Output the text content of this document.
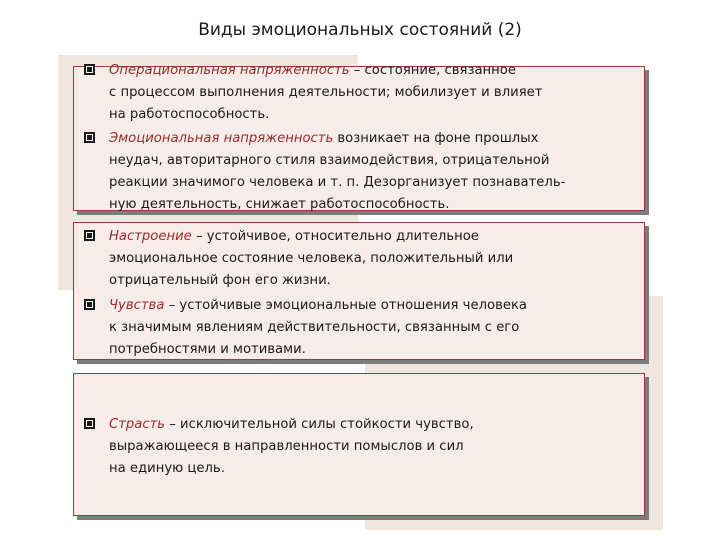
Виды эмоциональных состояний (2)
Операциональная напряженность – состояние, связанное
с процессом выполнения деятельности; мобилизует и влияет
на работоспособность.
Эмоциональная напряженность возникает на фоне прошлых
неудач, авторитарного стиля взаимодействия, отрицательной
реакции значимого человека и т. п. Дезорганизует познаватель-
ную деятельность, снижает работоспособность.
Настроение – устойчивое, относительно длительное
эмоциональное состояние человека, положительный или
отрицательный фон его жизни.
Чувства – устойчивые эмоциональные отношения человека
к значимым явлениям действительности, связанным с его
потребностями и мотивами.
Страсть – исключительной силы стойкости чувство,
выражающееся в направленности помыслов и сил
на единую цель.
